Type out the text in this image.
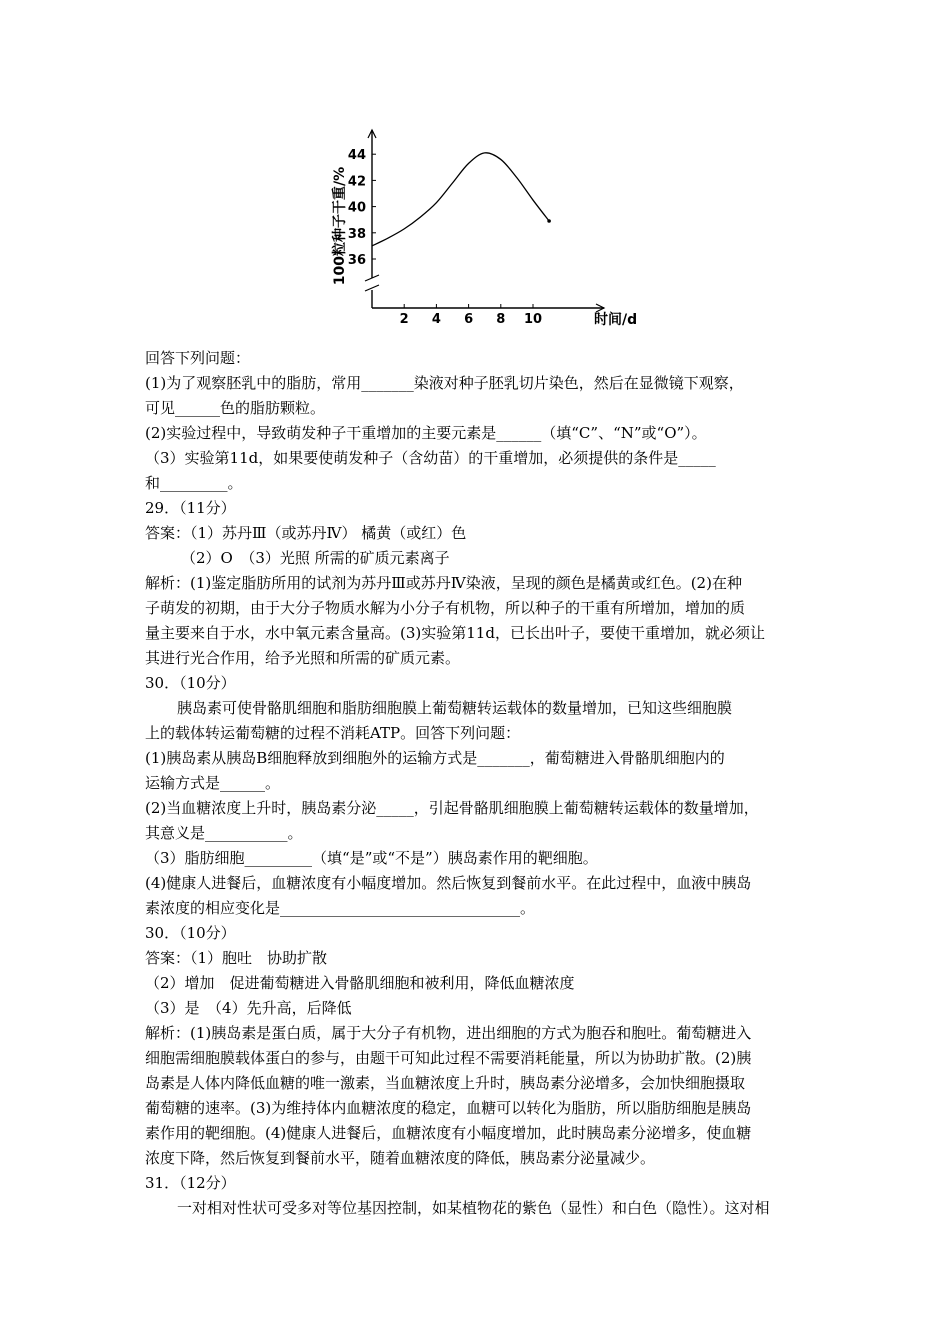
2 4 6 8 10
36
38
40
42
44
100粒种子干重/%
时间/d
回答下列问题：
(1)为了观察胚乳中的脂肪，常用_______染液对种子胚乳切片染色，然后在显微镜下观察，
可见______色的脂肪颗粒。
(2)实验过程中，导致萌发种子干重增加的主要元素是______（填“C”、“N”或“O”）。
（3）实验第11d，如果要使萌发种子（含幼苗）的干重增加，必须提供的条件是_____
和_________。
29．（11分）
答案：（1）苏丹Ⅲ（或苏丹Ⅳ） 橘黄（或红）色
（2）O　（3）光照 所需的矿质元素离子
解析：(1)鉴定脂肪所用的试剂为苏丹Ⅲ或苏丹Ⅳ染液，呈现的颜色是橘黄或红色。(2)在种
子萌发的初期，由于大分子物质水解为小分子有机物，所以种子的干重有所增加，增加的质
量主要来自于水，水中氧元素含量高。(3)实验第11d，已长出叶子，要使干重增加，就必须让
其进行光合作用，给予光照和所需的矿质元素。
30．（10分）
胰岛素可使骨骼肌细胞和脂肪细胞膜上葡萄糖转运载体的数量增加，已知这些细胞膜
上的载体转运葡萄糖的过程不消耗ATP。回答下列问题：
(1)胰岛素从胰岛B细胞释放到细胞外的运输方式是_______，葡萄糖进入骨骼肌细胞内的
运输方式是______。
(2)当血糖浓度上升时，胰岛素分泌_____，引起骨骼肌细胞膜上葡萄糖转运载体的数量增加，
其意义是___________。
（3）脂肪细胞_________（填“是”或“不是”）胰岛素作用的靶细胞。
(4)健康人进餐后，血糖浓度有小幅度增加。然后恢复到餐前水平。在此过程中，血液中胰岛
素浓度的相应变化是________________________________。
30．（10分）
答案：（1）胞吐　协助扩散
（2）增加　促进葡萄糖进入骨骼肌细胞和被利用，降低血糖浓度
（3）是　（4）先升高，后降低
解析：(1)胰岛素是蛋白质，属于大分子有机物，进出细胞的方式为胞吞和胞吐。葡萄糖进入
细胞需细胞膜载体蛋白的参与，由题干可知此过程不需要消耗能量，所以为协助扩散。(2)胰
岛素是人体内降低血糖的唯一激素，当血糖浓度上升时，胰岛素分泌增多，会加快细胞摄取
葡萄糖的速率。(3)为维持体内血糖浓度的稳定，血糖可以转化为脂肪，所以脂肪细胞是胰岛
素作用的靶细胞。(4)健康人进餐后，血糖浓度有小幅度增加，此时胰岛素分泌增多，使血糖
浓度下降，然后恢复到餐前水平，随着血糖浓度的降低，胰岛素分泌量减少。
31．（12分）
一对相对性状可受多对等位基因控制，如某植物花的紫色（显性）和白色（隐性）。这对相
